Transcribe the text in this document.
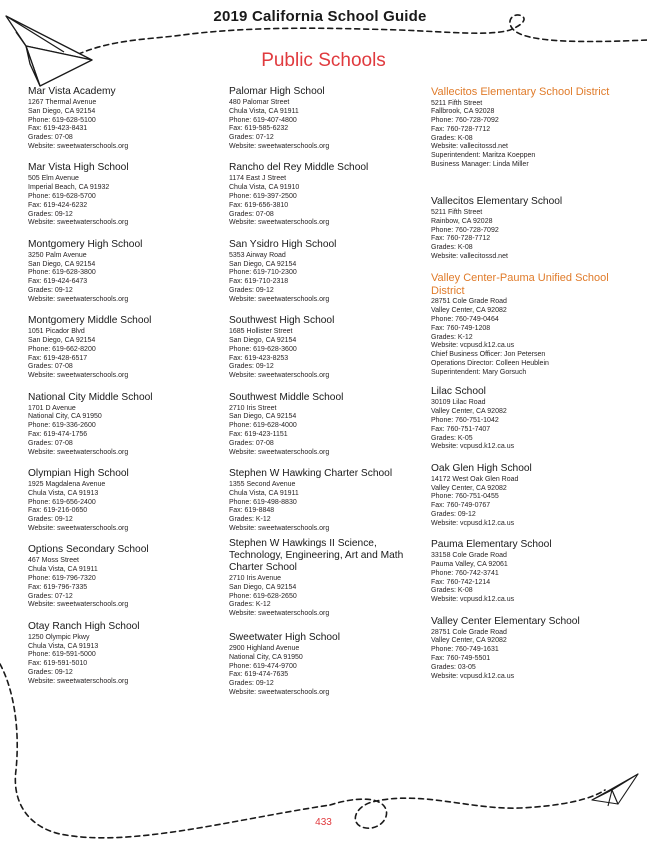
2019 California School Guide
Public Schools
Mar Vista Academy
1267 Thermal Avenue
San Diego, CA 92154
Phone: 619-628-5100
Fax: 619-423-8431
Grades: 07-08
Website: sweetwaterschools.org
Mar Vista High School
505 Elm Avenue
Imperial Beach, CA 91932
Phone: 619-628-5700
Fax: 619-424-6232
Grades: 09-12
Website: sweetwaterschools.org
Montgomery High School
3250 Palm Avenue
San Diego, CA 92154
Phone: 619-628-3800
Fax: 619-424-6473
Grades: 09-12
Website: sweetwaterschools.org
Montgomery Middle School
1051 Picador Blvd
San Diego, CA 92154
Phone: 619-662-8200
Fax: 619-428-6517
Grades: 07-08
Website: sweetwaterschools.org
National City Middle School
1701 D Avenue
National City, CA 91950
Phone: 619-336-2600
Fax: 619-474-1756
Grades: 07-08
Website: sweetwaterschools.org
Olympian High School
1925 Magdalena Avenue
Chula Vista, CA 91913
Phone: 619-656-2400
Fax: 619-216-0650
Grades: 09-12
Website: sweetwaterschools.org
Options Secondary School
467 Moss Street
Chula Vista, CA 91911
Phone: 619-796-7320
Fax: 619-796-7335
Grades: 07-12
Website: sweetwaterschools.org
Otay Ranch High School
1250 Olympic Pkwy
Chula Vista, CA 91913
Phone: 619-591-5000
Fax: 619-591-5010
Grades: 09-12
Website: sweetwaterschools.org
Palomar High School
480 Palomar Street
Chula Vista, CA 91911
Phone: 619-407-4800
Fax: 619-585-6232
Grades: 07-12
Website: sweetwaterschools.org
Rancho del Rey Middle School
1174 East J Street
Chula Vista, CA 91910
Phone: 619-397-2500
Fax: 619-656-3810
Grades: 07-08
Website: sweetwaterschools.org
San Ysidro High School
5353 Airway Road
San Diego, CA 92154
Phone: 619-710-2300
Fax: 619-710-2318
Grades: 09-12
Website: sweetwaterschools.org
Southwest High School
1685 Hollister Street
San Diego, CA 92154
Phone: 619-628-3600
Fax: 619-423-8253
Grades: 09-12
Website: sweetwaterschools.org
Southwest Middle School
2710 Iris Street
San Diego, CA 92154
Phone: 619-628-4000
Fax: 619-423-1151
Grades: 07-08
Website: sweetwaterschools.org
Stephen W Hawking Charter School
1355 Second Avenue
Chula Vista, CA 91911
Phone: 619-498-8830
Fax: 619-8848
Grades: K-12
Website: sweetwaterschools.org
Stephen W Hawkings II Science, Technology, Engineering, Art and Math Charter School
2710 Iris Avenue
San Diego, CA 92154
Phone: 619-628-2650
Grades: K-12
Website: sweetwaterschools.org
Sweetwater High School
2900 Highland Avenue
National City, CA 91950
Phone: 619-474-9700
Fax: 619-474-7635
Grades: 09-12
Website: sweetwaterschools.org
Vallecitos Elementary School District
5211 Fifth Street
Fallbrook, CA 92028
Phone: 760-728-7092
Fax: 760-728-7712
Grades: K-08
Website: vallecitossd.net
Superintendent: Maritza Koeppen
Business Manager: Linda Miller
Vallecitos Elementary School
5211 Fifth Street
Rainbow, CA 92028
Phone: 760-728-7092
Fax: 760-728-7712
Grades: K-08
Website: vallecitossd.net
Valley Center-Pauma Unified School District
28751 Cole Grade Road
Valley Center, CA 92082
Phone: 760-749-0464
Fax: 760-749-1208
Grades: K-12
Website: vcpusd.k12.ca.us
Chief Business Officer: Jon Petersen
Operations Director: Colleen Heublein
Superintendent: Mary Gorsuch
Lilac School
30109 Lilac Road
Valley Center, CA 92082
Phone: 760-751-1042
Fax: 760-751-7407
Grades: K-05
Website: vcpusd.k12.ca.us
Oak Glen High School
14172 West Oak Glen Road
Valley Center, CA 92082
Phone: 760-751-0455
Fax: 760-749-0767
Grades: 09-12
Website: vcpusd.k12.ca.us
Pauma Elementary School
33158 Cole Grade Road
Pauma Valley, CA 92061
Phone: 760-742-3741
Fax: 760-742-1214
Grades: K-08
Website: vcpusd.k12.ca.us
Valley Center Elementary School
28751 Cole Grade Road
Valley Center, CA 92082
Phone: 760-749-1631
Fax: 760-749-5501
Grades: 03-05
Website: vcpusd.k12.ca.us
433
